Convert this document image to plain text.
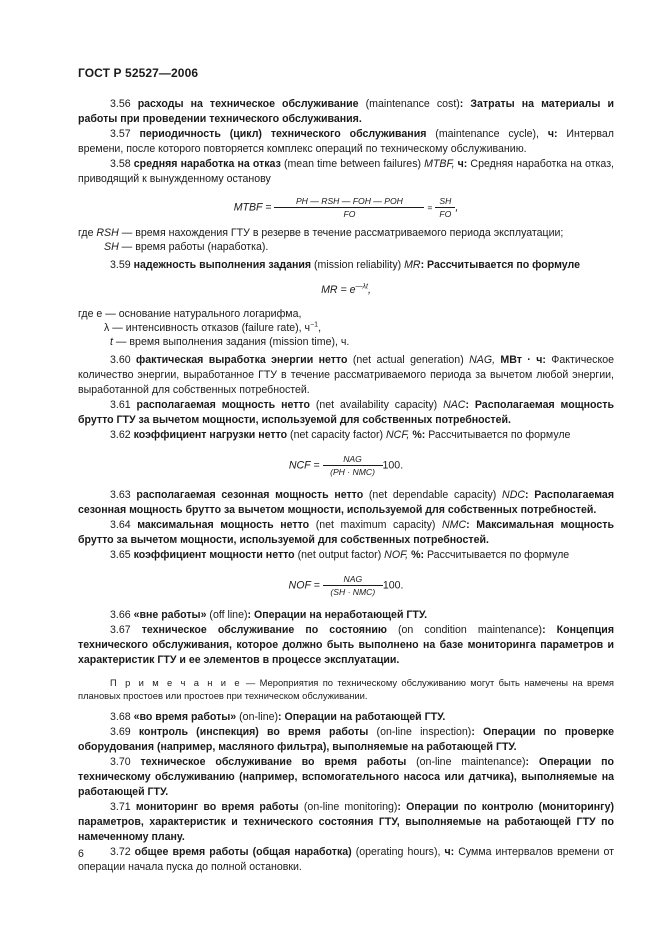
ГОСТ Р 52527—2006

3.56 расходы на техническое обслуживание (maintenance cost): Затраты на материалы и работы при проведении технического обслуживания.

3.57 периодичность (цикл) технического обслуживания (maintenance cycle), ч: Интервал времени, после которого повторяется комплекс операций по техническому обслуживанию.

3.58 средняя наработка на отказ (mean time between failures) MTBF, ч: Средняя наработка на отказ, приводящий к вынужденному останову

MTBF = $\frac{\text{PH — RSH — FOH — POH}}{FO} = \frac{SH}{FO}$ ,

где RSH — время нахождения ГТУ в резерве в течение рассматриваемого периода эксплуатации;

SH — время работы (наработка).

3.59 надежность выполнения задания (mission reliability) MR: Рассчитывается по формуле

MR = $e^{—\lambda t}$,

где е — основание натурального логарифма,

λ — интенсивность отказов (failure rate), $ч^{-1}$,

t — время выполнения задания (mission time), ч.

3.60 фактическая выработка энергии нетто (net actual generation) NAG, МВт · ч: Фактическое количество энергии, выработанное ГТУ в течение рассматриваемого периода за вычетом любой энергии, выработанной для собственных потребностей.

3.61 располагаемая мощность нетто (net availability capacity) NAC: Располагаемая мощность брутто ГТУ за вычетом мощности, используемой для собственных потребностей.

3.62 коэффициент нагрузки нетто (net capacity factor) NCF, %: Рассчитывается по формуле

NCF = $\frac{\text{NAG}}{\text{(PH · NMC)}} 100$.

3.63 располагаемая сезонная мощность нетто (net dependable capacity) NDC: Располагаемая сезонная мощность брутто за вычетом мощности, используемой для собственных потребностей.

3.64 максимальная мощность нетто (net maximum capacity) NMC: Максимальная мощность брутто за вычетом мощности, используемой для собственных потребностей.

3.65 коэффициент мощности нетто (net output factor) NOF, %: Рассчитывается по формуле

NOF = $\frac{\text{NAG}}{\text{(SH · NMC)}} 100$.

3.66 «вне работы» (off line): Операции на неработающей ГТУ.

3.67 техническое обслуживание по состоянию (on condition maintenance): Концепция технического обслуживания, которое должно быть выполнено на базе мониторинга параметров и характеристик ГТУ и ее элементов в процессе эксплуатации.

П р и м е ч а н и е — Мероприятия по техническому обслуживанию могут быть намечены на время плановых простоев или простоев при техническом обслуживании.

3.68 «во время работы» (on-line): Операции на работающей ГТУ.

3.69 контроль (инспекция) во время работы (on-line inspection): Операции по проверке оборудования (например, масляного фильтра), выполняемые на работающей ГТУ.

3.70 техническое обслуживание во время работы (on-line maintenance): Операции по техническому обслуживанию (например, вспомогательного насоса или датчика), выполняемые на работающей ГТУ.

3.71 мониторинг во время работы (on-line monitoring): Операции по контролю (мониторингу) параметров, характеристик и технического состояния ГТУ, выполняемые на работающей ГТУ по намеченному плану.

3.72 общее время работы (общая наработка) (operating hours), ч: Сумма интервалов времени от операции начала пуска до полной остановки.

6
